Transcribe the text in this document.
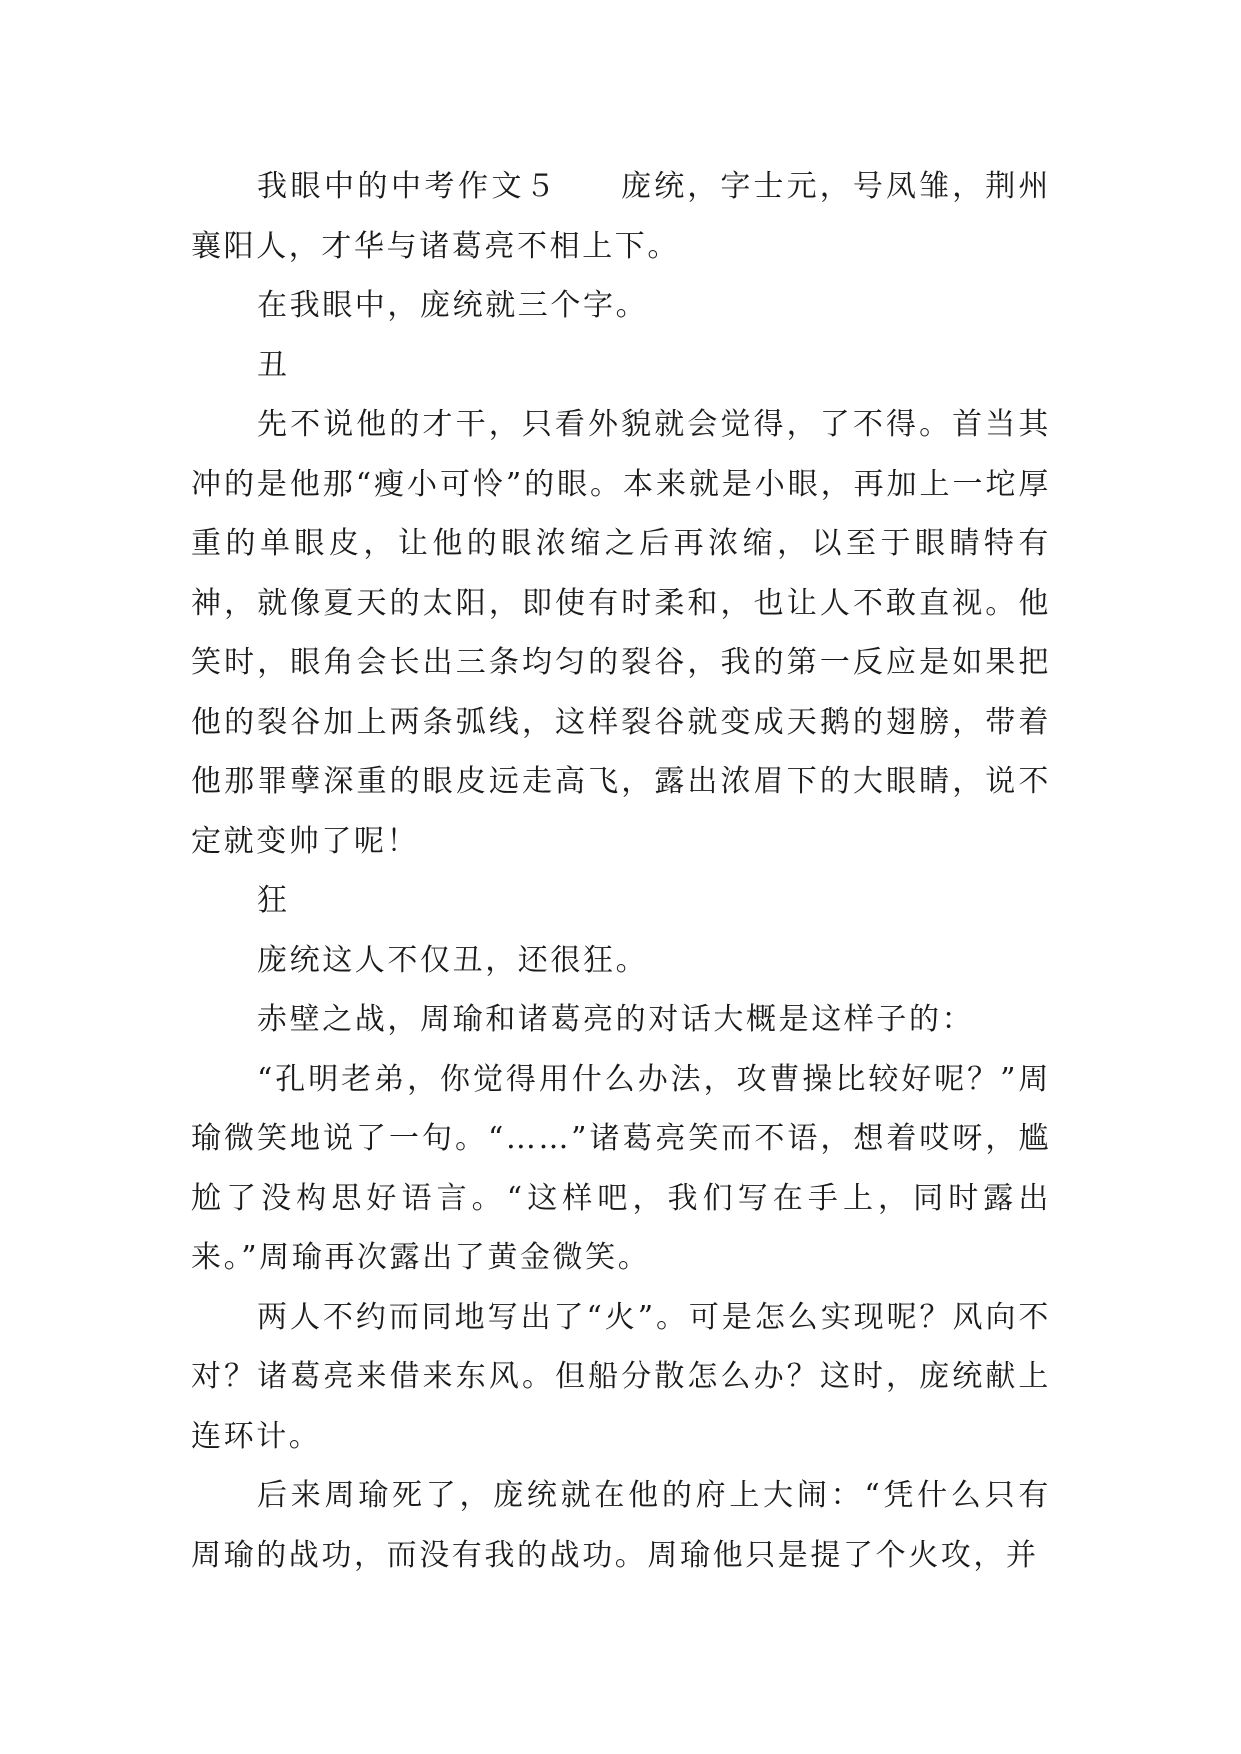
我眼中的中考作文５ 庞统，字士元，号凤雏，荆州襄阳人，才华与诸葛亮不相上下。

在我眼中，庞统就三个字。

丑

先不说他的才干，只看外貌就会觉得，了不得。首当其冲的是他那“瘦小可怜”的眼。本来就是小眼，再加上一坨厚重的单眼皮，让他的眼浓缩之后再浓缩，以至于眼睛特有神，就像夏天的太阳，即使有时柔和，也让人不敢直视。他笑时，眼角会长出三条均匀的裂谷，我的第一反应是如果把他的裂谷加上两条弧线，这样裂谷就变成天鹅的翅膀，带着他那罪孽深重的眼皮远走高飞，露出浓眉下的大眼睛，说不定就变帅了呢！

狂

庞统这人不仅丑，还很狂。

赤壁之战，周瑜和诸葛亮的对话大概是这样子的：

“孔明老弟，你觉得用什么办法，攻曹操比较好呢？”周瑜微笑地说了一句。“……”诸葛亮笑而不语，想着哎呀，尴尬了没构思好语言。“这样吧，我们写在手上，同时露出来。”周瑜再次露出了黄金微笑。

两人不约而同地写出了“火”。可是怎么实现呢？风向不对？诸葛亮来借来东风。但船分散怎么办？这时，庞统献上连环计。

后来周瑜死了，庞统就在他的府上大闹：“凭什么只有周瑜的战功，而没有我的战功。周瑜他只是提了个火攻，并
